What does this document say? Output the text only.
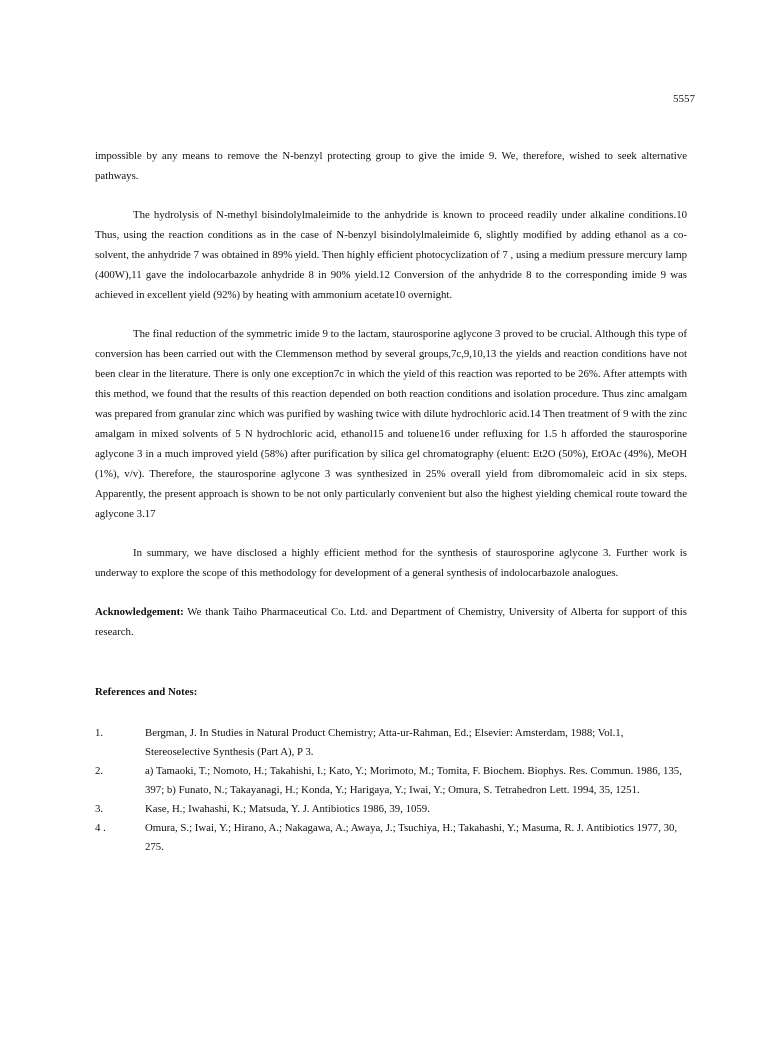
5557

impossible by any means to remove the N-benzyl protecting group to give the imide 9. We, therefore, wished to seek alternative pathways.

The hydrolysis of N-methyl bisindolylmaleimide to the anhydride is known to proceed readily under alkaline conditions.10 Thus, using the reaction conditions as in the case of N-benzyl bisindolylmaleimide 6, slightly modified by adding ethanol as a co-solvent, the anhydride 7 was obtained in 89% yield. Then highly efficient photocyclization of 7 , using a medium pressure mercury lamp (400W),11 gave the indolocarbazole anhydride 8 in 90% yield.12 Conversion of the anhydride 8 to the corresponding imide 9 was achieved in excellent yield (92%) by heating with ammonium acetate10 overnight.

The final reduction of the symmetric imide 9 to the lactam, staurosporine aglycone 3 proved to be crucial. Although this type of conversion has been carried out with the Clemmenson method by several groups,7c,9,10,13 the yields and reaction conditions have not been clear in the literature. There is only one exception7c in which the yield of this reaction was reported to be 26%. After attempts with this method, we found that the results of this reaction depended on both reaction conditions and isolation procedure. Thus zinc amalgam was prepared from granular zinc which was purified by washing twice with dilute hydrochloric acid.14 Then treatment of 9 with the zinc amalgam in mixed solvents of 5 N hydrochloric acid, ethanol15 and toluene16 under refluxing for 1.5 h afforded the staurosporine aglycone 3 in a much improved yield (58%) after purification by silica gel chromatography (eluent: Et2O (50%), EtOAc (49%), MeOH (1%), v/v). Therefore, the staurosporine aglycone 3 was synthesized in 25% overall yield from dibromomaleic acid in six steps. Apparently, the present approach is shown to be not only particularly convenient but also the highest yielding chemical route toward the aglycone 3.17

In summary, we have disclosed a highly efficient method for the synthesis of staurosporine aglycone 3. Further work is underway to explore the scope of this methodology for development of a general synthesis of indolocarbazole analogues.

Acknowledgement: We thank Taiho Pharmaceutical Co. Ltd. and Department of Chemistry, University of Alberta for support of this research.

References and Notes:
1.	Bergman, J. In Studies in Natural Product Chemistry; Atta-ur-Rahman, Ed.; Elsevier: Amsterdam, 1988; Vol.1, Stereoselective Synthesis (Part A), P 3.
2.	a) Tamaoki, T.; Nomoto, H.; Takahishi, I.; Kato, Y.; Morimoto, M.; Tomita, F. Biochem. Biophys. Res. Commun. 1986, 135, 397; b) Funato, N.; Takayanagi, H.; Konda, Y.; Harigaya, Y.; Iwai, Y.; Omura, S. Tetrahedron Lett. 1994, 35, 1251.
3.	Kase, H.; Iwahashi, K.; Matsuda, Y. J. Antibiotics 1986, 39, 1059.
4 .	Omura, S.; Iwai, Y.; Hirano, A.; Nakagawa, A.; Awaya, J.; Tsuchiya, H.; Takahashi, Y.; Masuma, R. J. Antibiotics 1977, 30, 275.
